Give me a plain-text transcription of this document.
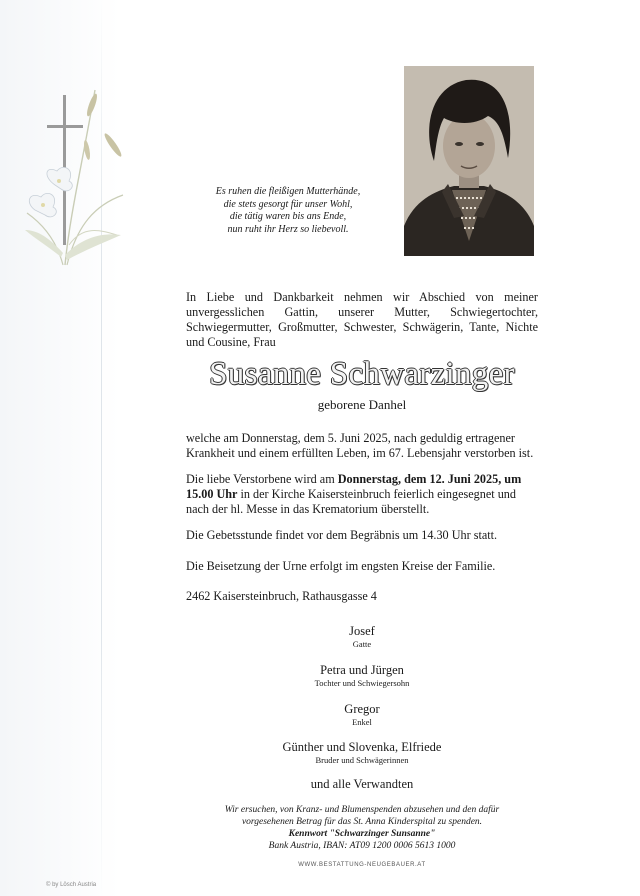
Es ruhen die fleißigen Mutterhände,
die stets gesorgt für unser Wohl,
die tätig waren bis ans Ende,
nun ruht ihr Herz so liebevoll.
In Liebe und Dankbarkeit nehmen wir Abschied von meiner unvergesslichen Gattin, unserer Mutter, Schwiegertochter, Schwiegermutter, Großmutter, Schwester, Schwägerin, Tante, Nichte und Cousine, Frau
Susanne Schwarzinger
geborene Danhel
welche am Donnerstag, dem 5. Juni 2025, nach geduldig ertragener
Krankheit und einem erfüllten Leben, im 67. Lebensjahr verstorben ist.
Die liebe Verstorbene wird am Donnerstag, dem 12. Juni 2025, um
15.00 Uhr in der Kirche Kaisersteinbruch feierlich eingesegnet und
nach der hl. Messe in das Krematorium überstellt.
Die Gebetsstunde findet vor dem Begräbnis um 14.30 Uhr statt.
Die Beisetzung der Urne erfolgt im engsten Kreise der Familie.
2462 Kaisersteinbruch, Rathausgasse 4
Josef
Gatte
Petra und Jürgen
Tochter und Schwiegersohn
Gregor
Enkel
Günther und Slovenka, Elfriede
Bruder und Schwägerinnen
und alle Verwandten
Wir ersuchen, von Kranz- und Blumenspenden abzusehen und den dafür
vorgesehenen Betrag für das St. Anna Kinderspital zu spenden.
Kennwort "Schwarzinger Sunsanne"
Bank Austria, IBAN: AT09 1200 0006 5613 1000
WWW.BESTATTUNG-NEUGEBAUER.AT
© by Lösch Austria
